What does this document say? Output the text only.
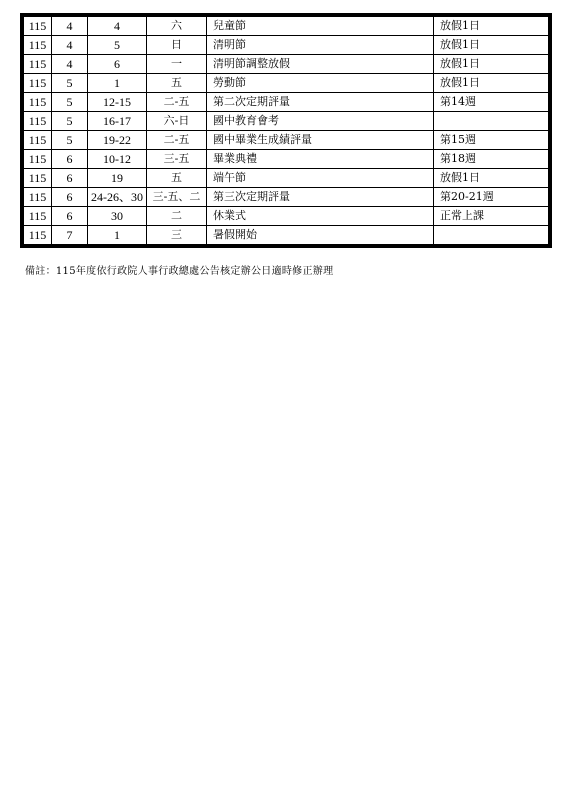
115	4	4	六	兒童節	放假1日
115	4	5	日	清明節	放假1日
115	4	6	一	清明節調整放假	放假1日
115	5	1	五	勞動節	放假1日
115	5	12-15	二-五	第二次定期評量	第14週
115	5	16-17	六-日	國中教育會考	
115	5	19-22	二-五	國中畢業生成績評量	第15週
115	6	10-12	三-五	畢業典禮	第18週
115	6	19	五	端午節	放假1日
115	6	24-26、30	三-五、二	第三次定期評量	第20-21週
115	6	30	二	休業式	正常上課
115	7	1	三	暑假開始	
備註：115年度依行政院人事行政總處公告核定辦公日適時修正辦理
